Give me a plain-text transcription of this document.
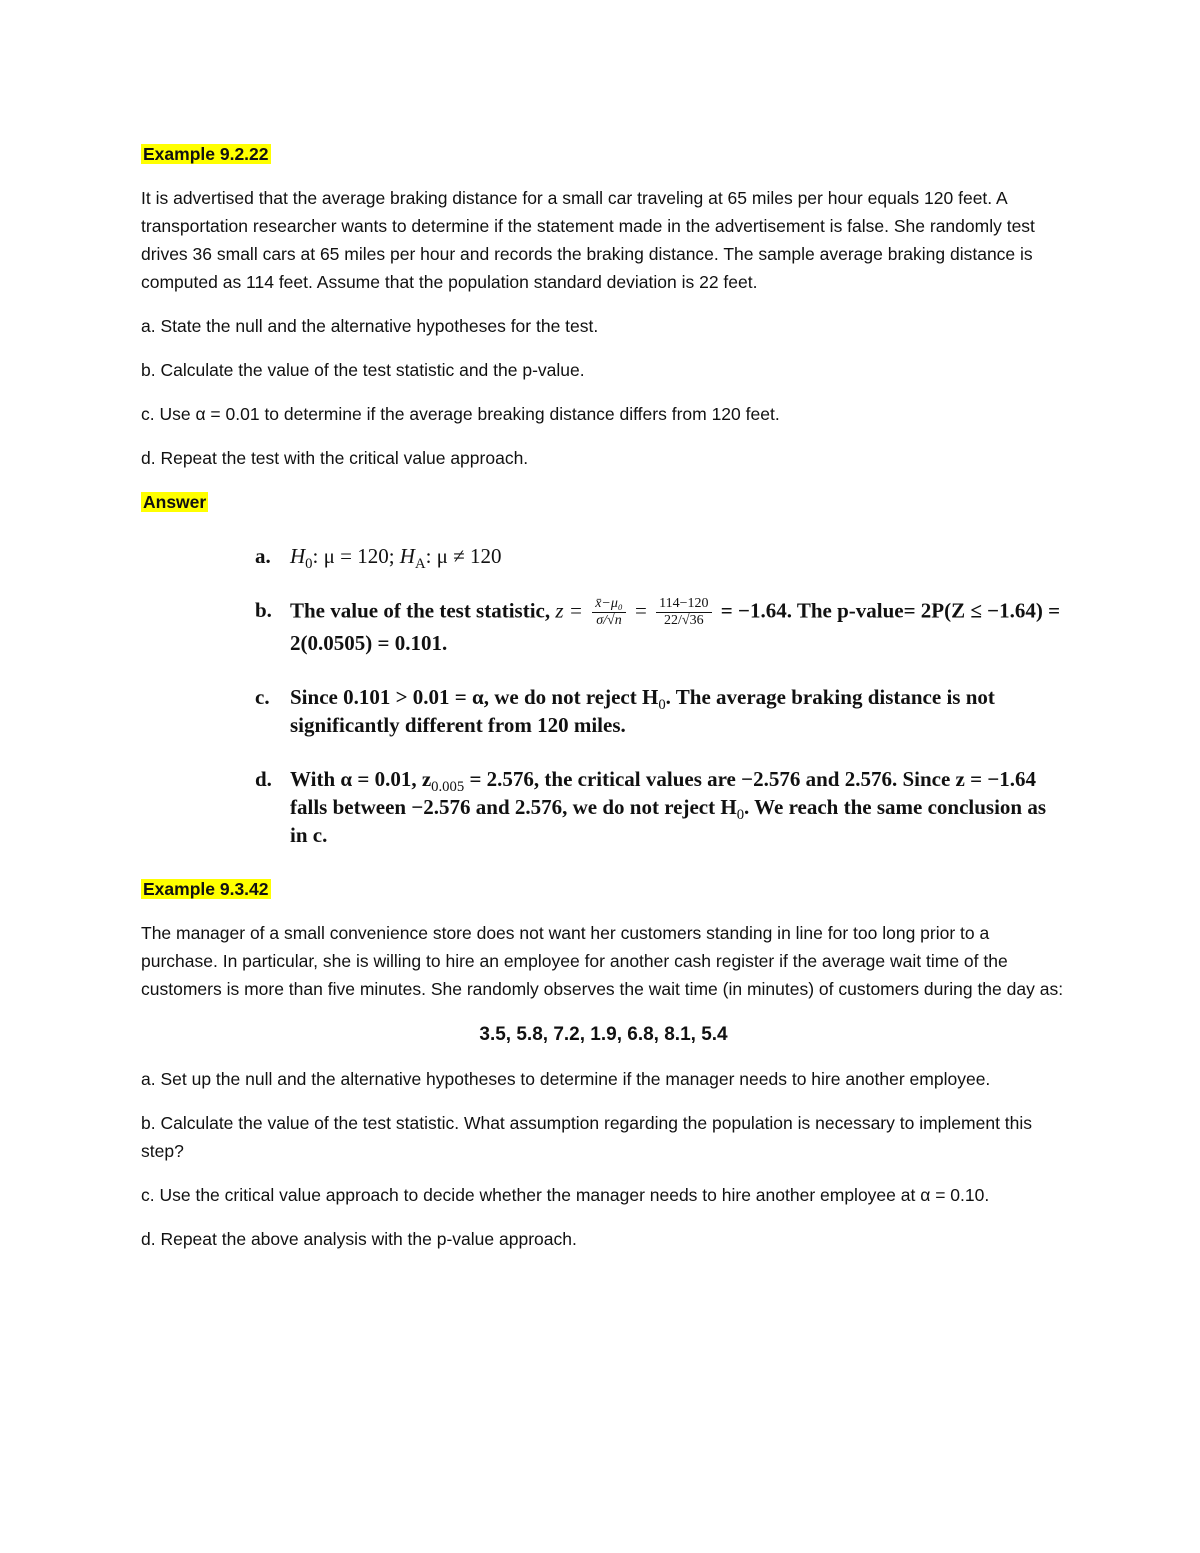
Example 9.2.22

It is advertised that the average braking distance for a small car traveling at 65 miles per hour equals 120 feet. A transportation researcher wants to determine if the statement made in the advertisement is false. She randomly test drives 36 small cars at 65 miles per hour and records the braking distance. The sample average braking distance is computed as 114 feet. Assume that the population standard deviation is 22 feet.

a. State the null and the alternative hypotheses for the test.

b. Calculate the value of the test statistic and the p-value.

c. Use α = 0.01 to determine if the average breaking distance differs from 120 feet.

d. Repeat the test with the critical value approach.

Answer

a. $H_0$: μ = 120; $H_A$: μ ≠ 120
b. The value of the test statistic, $z = \frac{\text{x̄−μ₀}}{\sigma/√n} = \frac{114-120}{22/√36} = -1.64$. The p-value= 2P(Z ≤ −1.64) = 2(0.0505) = 0.101.
c. Since 0.101 > 0.01 = α, we do not reject $H_0$. The average braking distance is not significantly different from 120 miles.
d. With α = 0.01, $z_{0.005} = 2.576$, the critical values are −2.576 and 2.576. Since z = −1.64 falls between −2.576 and 2.576, we do not reject $H_0$. We reach the same conclusion as in c.

Example 9.3.42

The manager of a small convenience store does not want her customers standing in line for too long prior to a purchase. In particular, she is willing to hire an employee for another cash register if the average wait time of the customers is more than five minutes. She randomly observes the wait time (in minutes) of customers during the day as:

3.5, 5.8, 7.2, 1.9, 6.8, 8.1, 5.4

a. Set up the null and the alternative hypotheses to determine if the manager needs to hire another employee.

b. Calculate the value of the test statistic. What assumption regarding the population is necessary to implement this step?

c. Use the critical value approach to decide whether the manager needs to hire another employee at α = 0.10.

d. Repeat the above analysis with the p-value approach.
